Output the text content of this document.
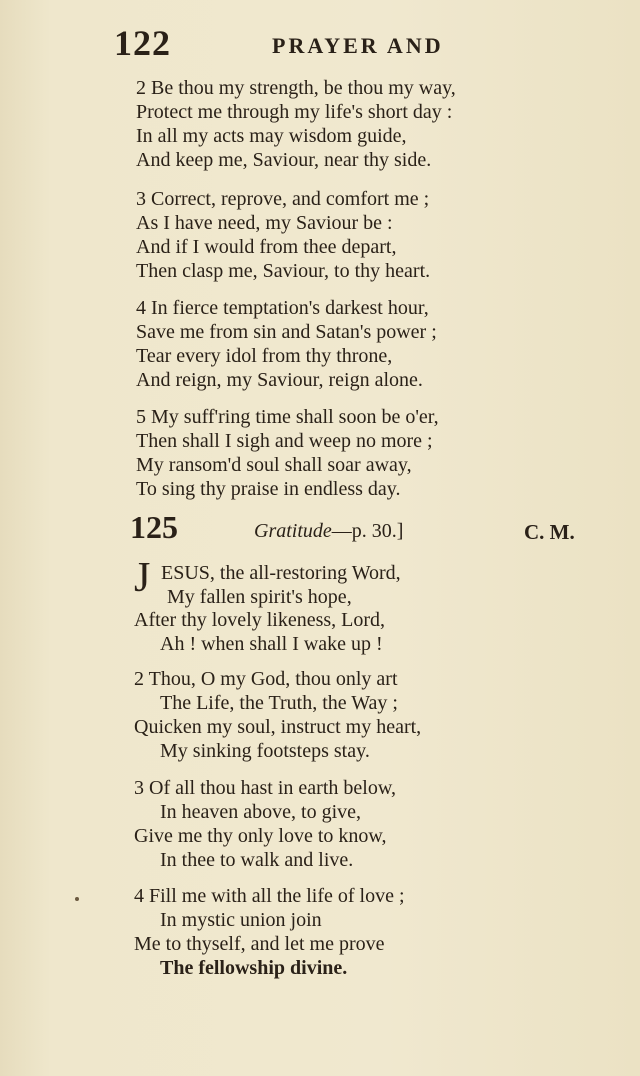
122	PRAYER AND
2 Be thou my strength, be thou my way,
Protect me through my life's short day :
In all my acts may wisdom guide,
And keep me, Saviour, near thy side.
3 Correct, reprove, and comfort me ;
As I have need, my Saviour be :
And if I would from thee depart,
Then clasp me, Saviour, to thy heart.
4 In fierce temptation's darkest hour,
Save me from sin and Satan's power ;
Tear every idol from thy throne,
And reign, my Saviour, reign alone.
5 My suff'ring time shall soon be o'er,
Then shall I sigh and weep no more ;
My ransom'd soul shall soar away,
To sing thy praise in endless day.
125	Gratitude—p. 30.]	C. M.
J ESUS, the all-restoring Word,
My fallen spirit's hope,
After thy lovely likeness, Lord,
Ah ! when shall I wake up !
2 Thou, O my God, thou only art
The Life, the Truth, the Way ;
Quicken my soul, instruct my heart,
My sinking footsteps stay.
3 Of all thou hast in earth below,
In heaven above, to give,
Give me thy only love to know,
In thee to walk and live.
4 Fill me with all the life of love ;
In mystic union join
Me to thyself, and let me prove
The fellowship divine.
